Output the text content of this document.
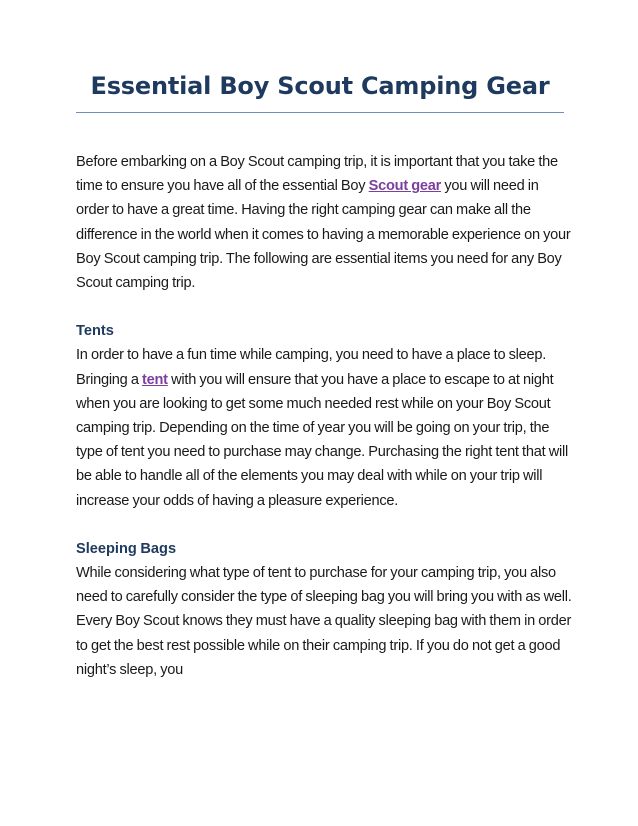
Essential Boy Scout Camping Gear

Before embarking on a Boy Scout camping trip, it is important that you take the time to ensure you have all of the essential Boy Scout gear you will need in order to have a great time. Having the right camping gear can make all the difference in the world when it comes to having a memorable experience on your Boy Scout camping trip. The following are essential items you need for any Boy Scout camping trip.

Tents

In order to have a fun time while camping, you need to have a place to sleep. Bringing a tent with you will ensure that you have a place to escape to at night when you are looking to get some much needed rest while on your Boy Scout camping trip. Depending on the time of year you will be going on your trip, the type of tent you need to purchase may change. Purchasing the right tent that will be able to handle all of the elements you may deal with while on your trip will increase your odds of having a pleasure experience.

Sleeping Bags

While considering what type of tent to purchase for your camping trip, you also need to carefully consider the type of sleeping bag you will bring you with as well. Every Boy Scout knows they must have a quality sleeping bag with them in order to get the best rest possible while on their camping trip. If you do not get a good night’s sleep, you
